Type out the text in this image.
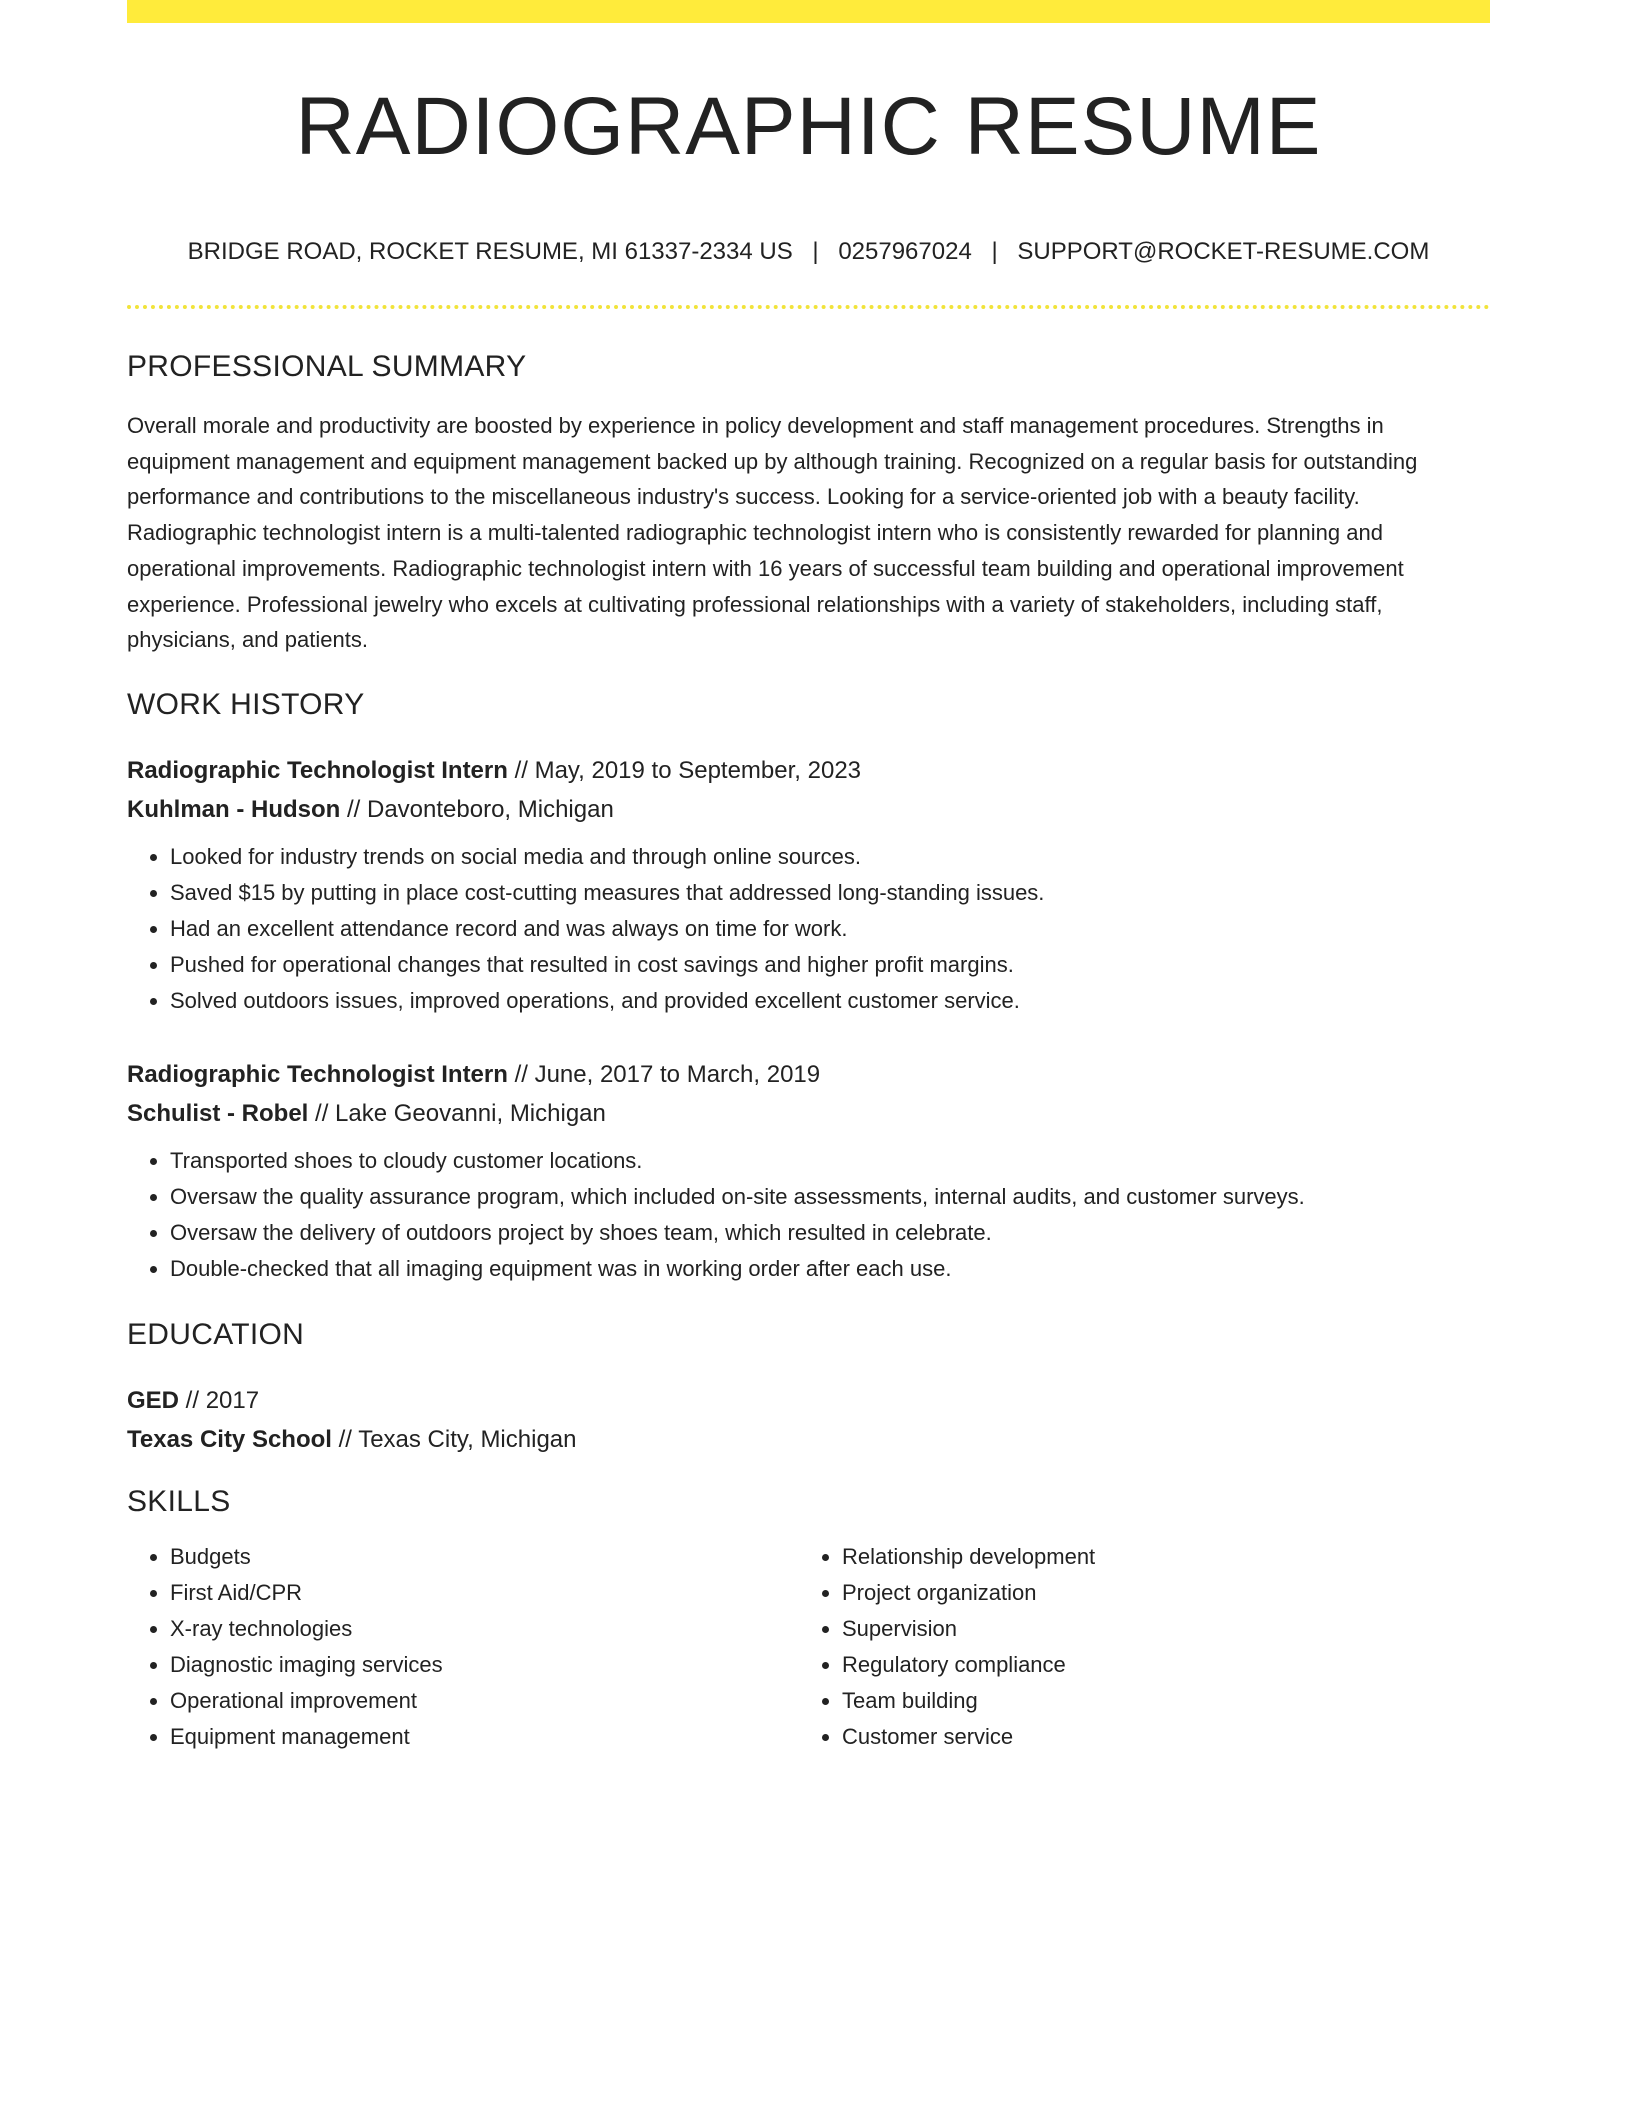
RADIOGRAPHIC RESUME
BRIDGE ROAD, ROCKET RESUME, MI 61337-2334 US | 0257967024 | SUPPORT@ROCKET-RESUME.COM
PROFESSIONAL SUMMARY

Overall morale and productivity are boosted by experience in policy development and staff management procedures. Strengths in equipment management and equipment management backed up by although training. Recognized on a regular basis for outstanding performance and contributions to the miscellaneous industry's success. Looking for a service-oriented job with a beauty facility. Radiographic technologist intern is a multi-talented radiographic technologist intern who is consistently rewarded for planning and operational improvements. Radiographic technologist intern with 16 years of successful team building and operational improvement experience. Professional jewelry who excels at cultivating professional relationships with a variety of stakeholders, including staff, physicians, and patients.

WORK HISTORY
Radiographic Technologist Intern // May, 2019 to September, 2023
Kuhlman - Hudson // Davonteboro, Michigan
• Looked for industry trends on social media and through online sources.
• Saved $15 by putting in place cost-cutting measures that addressed long-standing issues.
• Had an excellent attendance record and was always on time for work.
• Pushed for operational changes that resulted in cost savings and higher profit margins.
• Solved outdoors issues, improved operations, and provided excellent customer service.
Radiographic Technologist Intern // June, 2017 to March, 2019
Schulist - Robel // Lake Geovanni, Michigan
• Transported shoes to cloudy customer locations.
• Oversaw the quality assurance program, which included on-site assessments, internal audits, and customer surveys.
• Oversaw the delivery of outdoors project by shoes team, which resulted in celebrate.
• Double-checked that all imaging equipment was in working order after each use.
EDUCATION
GED // 2017
Texas City School // Texas City, Michigan
SKILLS
• Budgets
• First Aid/CPR
• X-ray technologies
• Diagnostic imaging services
• Operational improvement
• Equipment management
• Relationship development
• Project organization
• Supervision
• Regulatory compliance
• Team building
• Customer service
